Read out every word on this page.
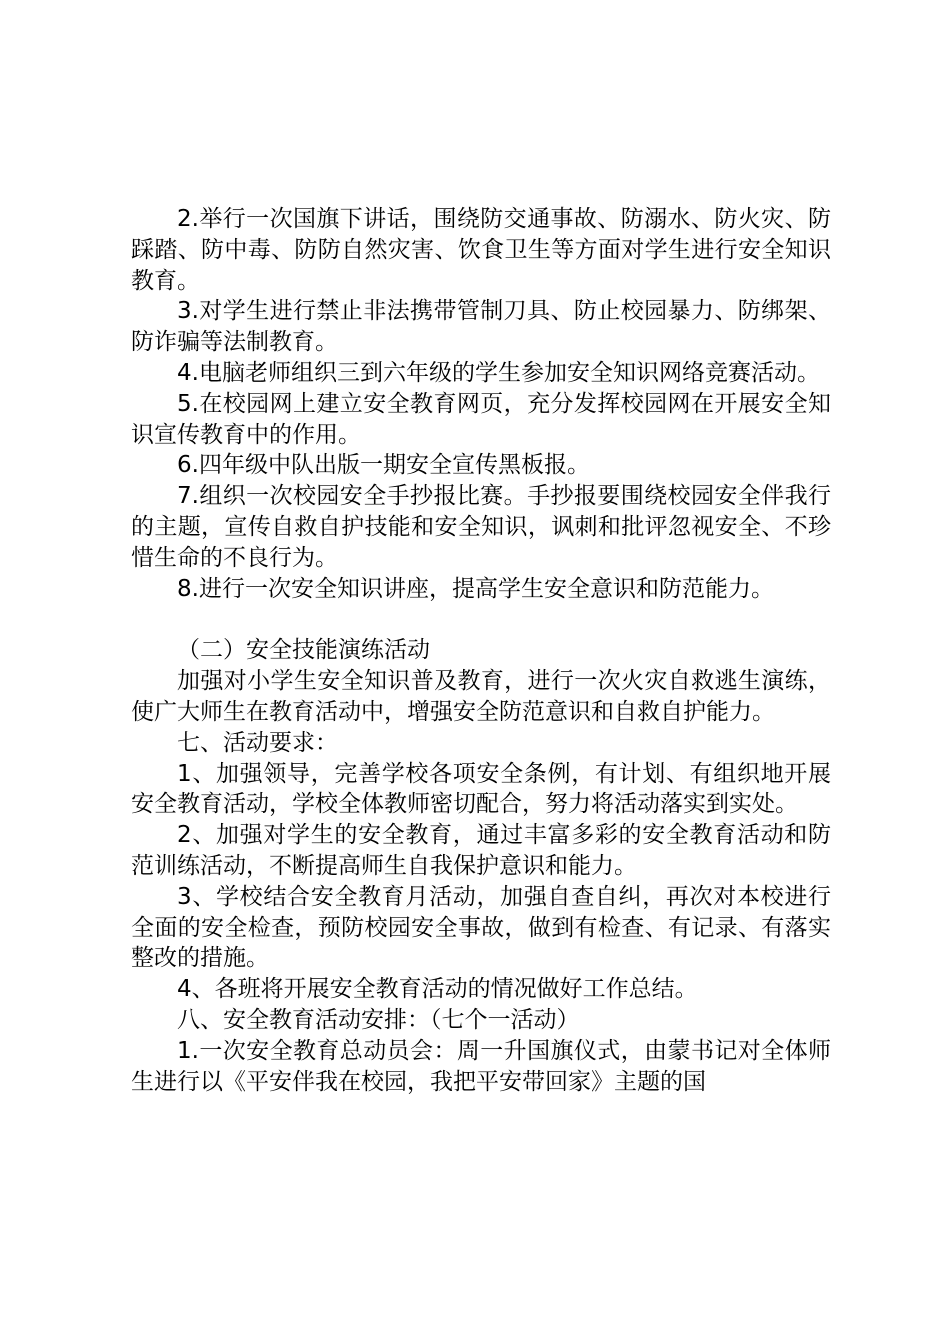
2.举行一次国旗下讲话，围绕防交通事故、防溺水、防火灾、防踩踏、防中毒、防防自然灾害、饮食卫生等方面对学生进行安全知识教育。

3.对学生进行禁止非法携带管制刀具、防止校园暴力、防绑架、防诈骗等法制教育。

4.电脑老师组织三到六年级的学生参加安全知识网络竞赛活动。

5.在校园网上建立安全教育网页，充分发挥校园网在开展安全知识宣传教育中的作用。

6.四年级中队出版一期安全宣传黑板报。

7.组织一次校园安全手抄报比赛。手抄报要围绕校园安全伴我行的主题，宣传自救自护技能和安全知识，讽刺和批评忽视安全、不珍惜生命的不良行为。

8.进行一次安全知识讲座，提高学生安全意识和防范能力。

（二）安全技能演练活动

加强对小学生安全知识普及教育，进行一次火灾自救逃生演练，使广大师生在教育活动中，增强安全防范意识和自救自护能力。

七、活动要求：

1、加强领导，完善学校各项安全条例，有计划、有组织地开展安全教育活动，学校全体教师密切配合，努力将活动落实到实处。

2、加强对学生的安全教育，通过丰富多彩的安全教育活动和防范训练活动，不断提高师生自我保护意识和能力。

3、学校结合安全教育月活动，加强自查自纠，再次对本校进行全面的安全检查，预防校园安全事故，做到有检查、有记录、有落实整改的措施。

4、各班将开展安全教育活动的情况做好工作总结。

八、安全教育活动安排：（七个一活动）

1.一次安全教育总动员会：周一升国旗仪式，由蒙书记对全体师生进行以《平安伴我在校园，我把平安带回家》主题的国
